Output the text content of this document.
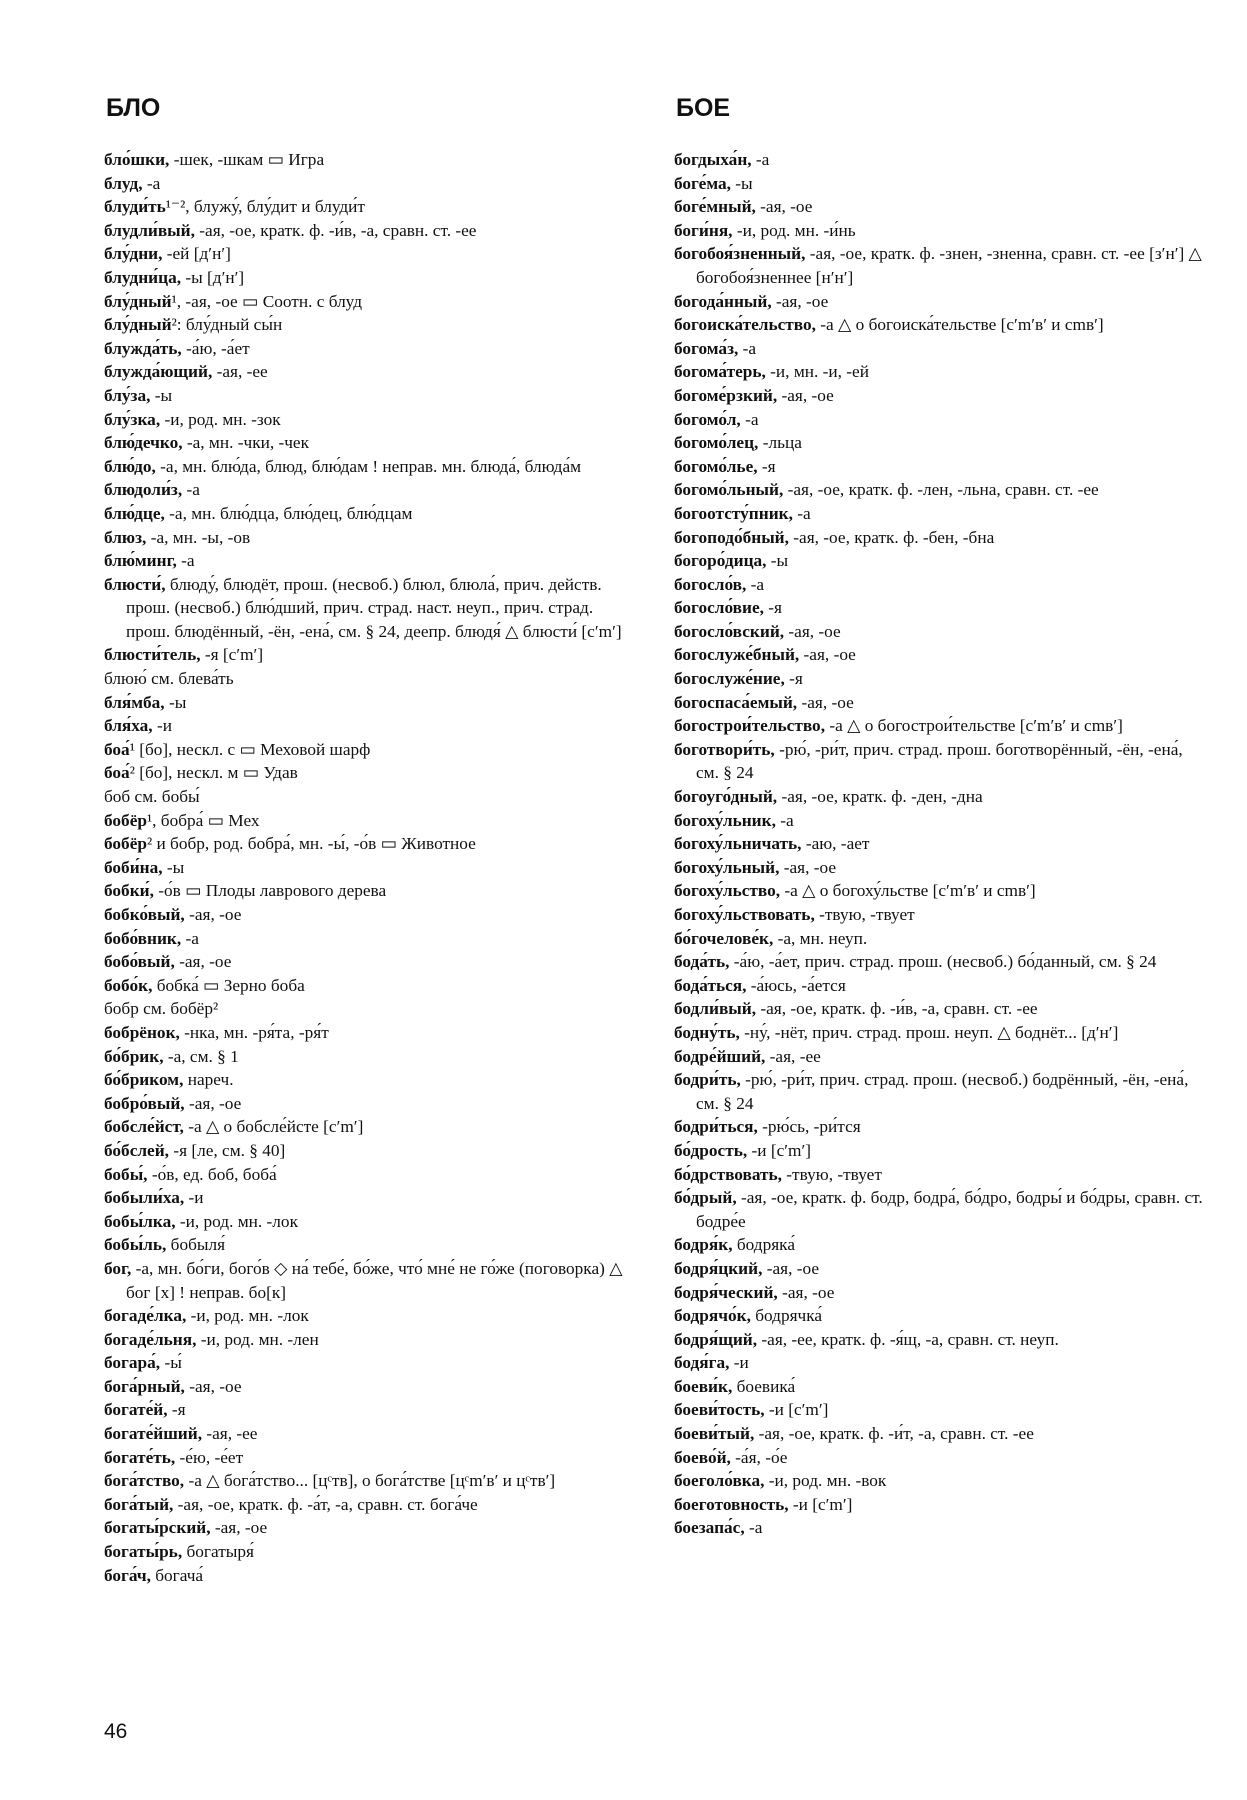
БЛО

бло́шки, -шек, -шкам ▭ Игра

блуд, -а

блуди́ть¹⁻², блужу́, блу́дит и блуди́т

блудли́вый, -ая, -ое, кратк. ф. -и́в, -а, сравн. ст. -ее

блу́дни, -ей [дʹнʹ]

блудни́ца, -ы [дʹнʹ]

блу́дный¹, -ая, -ое ▭ Соотн. с блуд

блу́дный²: блу́дный сы́н

блужда́ть, -а́ю, -а́ет

блужда́ющий, -ая, -ее

блу́за, -ы

блу́зка, -и, род. мн. -зок

блю́дечко, -а, мн. -чки, -чек

блю́до, -а, мн. блю́да, блюд, блю́дам ! неправ. мн. блюда́, блюда́м

блюдоли́з, -а

блю́дце, -а, мн. блю́дца, блю́дец, блю́дцам

блюз, -а, мн. -ы, -ов

блю́минг, -а

блюсти́, блюду́, блюдёт, прош. (несвоб.) блюл, блюла́, прич. действ. прош. (несвоб.) блю́дший, прич. страд. наст. неуп., прич. страд. прош. блюдённый, -ён, -ена́, см. § 24, деепр. блюдя́ △ блюсти́ [cʹmʹ]

блюсти́тель, -я [cʹmʹ]

блюю́ см. блева́ть

бля́мба, -ы

бля́ха, -и

боа́¹ [бо], нескл. с ▭ Меховой шарф

боа́² [бо], нескл. м ▭ Удав

боб см. бобы́

бобёр¹, бобра́ ▭ Мех

бобёр² и бобр, род. бобра́, мн. -ы́, -о́в ▭ Животное

боби́на, -ы

бобки́, -о́в ▭ Плоды лаврового дерева

бобко́вый, -ая, -ое

бобо́вник, -а

бобо́вый, -ая, -ое

бобо́к, бобка́ ▭ Зерно боба

бобр см. бобёр²

бобрёнок, -нка, мн. -ря́та, -ря́т

бо́брик, -а, см. § 1

бо́бриком, нареч.

бобро́вый, -ая, -ое

бобсле́йст, -а △ о бобсле́йсте [cʹmʹ]

бо́бслей, -я [ле, см. § 40]

бобы́, -о́в, ед. боб, боба́

бобыли́ха, -и

бобы́лка, -и, род. мн. -лок

бобы́ль, бобыля́

бог, -а, мн. бо́ги, бого́в ◇ на́ тебе́, бо́же, что́ мне́ не го́же (поговорка) △ бог [х] ! неправ. бо[к]

богаде́лка, -и, род. мн. -лок

богаде́льня, -и, род. мн. -лен

богара́, -ы́

бога́рный, -ая, -ое

богате́й, -я

богате́йший, -ая, -ее

богате́ть, -е́ю, -е́ет

бога́тство, -а △ бога́тство... [цᶜтв], о бога́тстве [цᶜmʹвʹ и цᶜтвʹ]

бога́тый, -ая, -ое, кратк. ф. -а́т, -а, сравн. ст. бога́че

богаты́рский, -ая, -ое

богаты́рь, богатыря́

бога́ч, богача́

БОЕ

богдыха́н, -а

боге́ма, -ы

боге́мный, -ая, -ое

боги́ня, -и, род. мн. -и́нь

богобоя́зненный, -ая, -ое, кратк. ф. -знен, -зненна, сравн. ст. -ее [зʹнʹ] △ богобоя́зненнее [нʹнʹ]

богода́нный, -ая, -ое

богоиска́тельство, -а △ о богоиска́тельстве [cʹmʹвʹ и cmвʹ]

богома́з, -а

богома́терь, -и, мн. -и, -ей

богоме́рзкий, -ая, -ое

богомо́л, -а

богомо́лец, -льца

богомо́лье, -я

богомо́льный, -ая, -ое, кратк. ф. -лен, -льна, сравн. ст. -ее

богоотсту́пник, -а

богоподо́бный, -ая, -ое, кратк. ф. -бен, -бна

богоро́дица, -ы

богосло́в, -а

богосло́вие, -я

богосло́вский, -ая, -ое

богослуже́бный, -ая, -ое

богослуже́ние, -я

богоспаса́емый, -ая, -ое

богострои́тельство, -а △ о богострои́тельстве [cʹmʹвʹ и cmвʹ]

боготвори́ть, -рю́, -ри́т, прич. страд. прош. боготворённый, -ён, -ена́, см. § 24

богоуго́дный, -ая, -ое, кратк. ф. -ден, -дна

богоху́льник, -а

богоху́льничать, -аю, -ает

богоху́льный, -ая, -ое

богоху́льство, -а △ о богоху́льстве [cʹmʹвʹ и cmвʹ]

богоху́льствовать, -твую, -твует

бо́гочелове́к, -а, мн. неуп.

бода́ть, -а́ю, -а́ет, прич. страд. прош. (несвоб.) бо́данный, см. § 24

бода́ться, -а́юсь, -а́ется

бодли́вый, -ая, -ое, кратк. ф. -и́в, -а, сравн. ст. -ее

бодну́ть, -ну́, -нёт, прич. страд. прош. неуп. △ боднёт... [дʹнʹ]

бодре́йший, -ая, -ее

бодри́ть, -рю́, -ри́т, прич. страд. прош. (несвоб.) бодрённый, -ён, -ена́, см. § 24

бодри́ться, -рю́сь, -ри́тся

бо́дрость, -и [cʹmʹ]

бо́дрствовать, -твую, -твует

бо́дрый, -ая, -ое, кратк. ф. бодр, бодра́, бо́дро, бодры́ и бо́дры, сравн. ст. бодре́е

бодря́к, бодряка́

бодря́цкий, -ая, -ое

бодря́ческий, -ая, -ое

бодрячо́к, бодрячка́

бодря́щий, -ая, -ее, кратк. ф. -я́щ, -а, сравн. ст. неуп.

бодя́га, -и

боеви́к, боевика́

боеви́тость, -и [cʹmʹ]

боеви́тый, -ая, -ое, кратк. ф. -и́т, -а, сравн. ст. -ее

боево́й, -а́я, -о́е

боеголо́вка, -и, род. мн. -вок

боеготовность, -и [cʹmʹ]

боезапа́с, -а

46
